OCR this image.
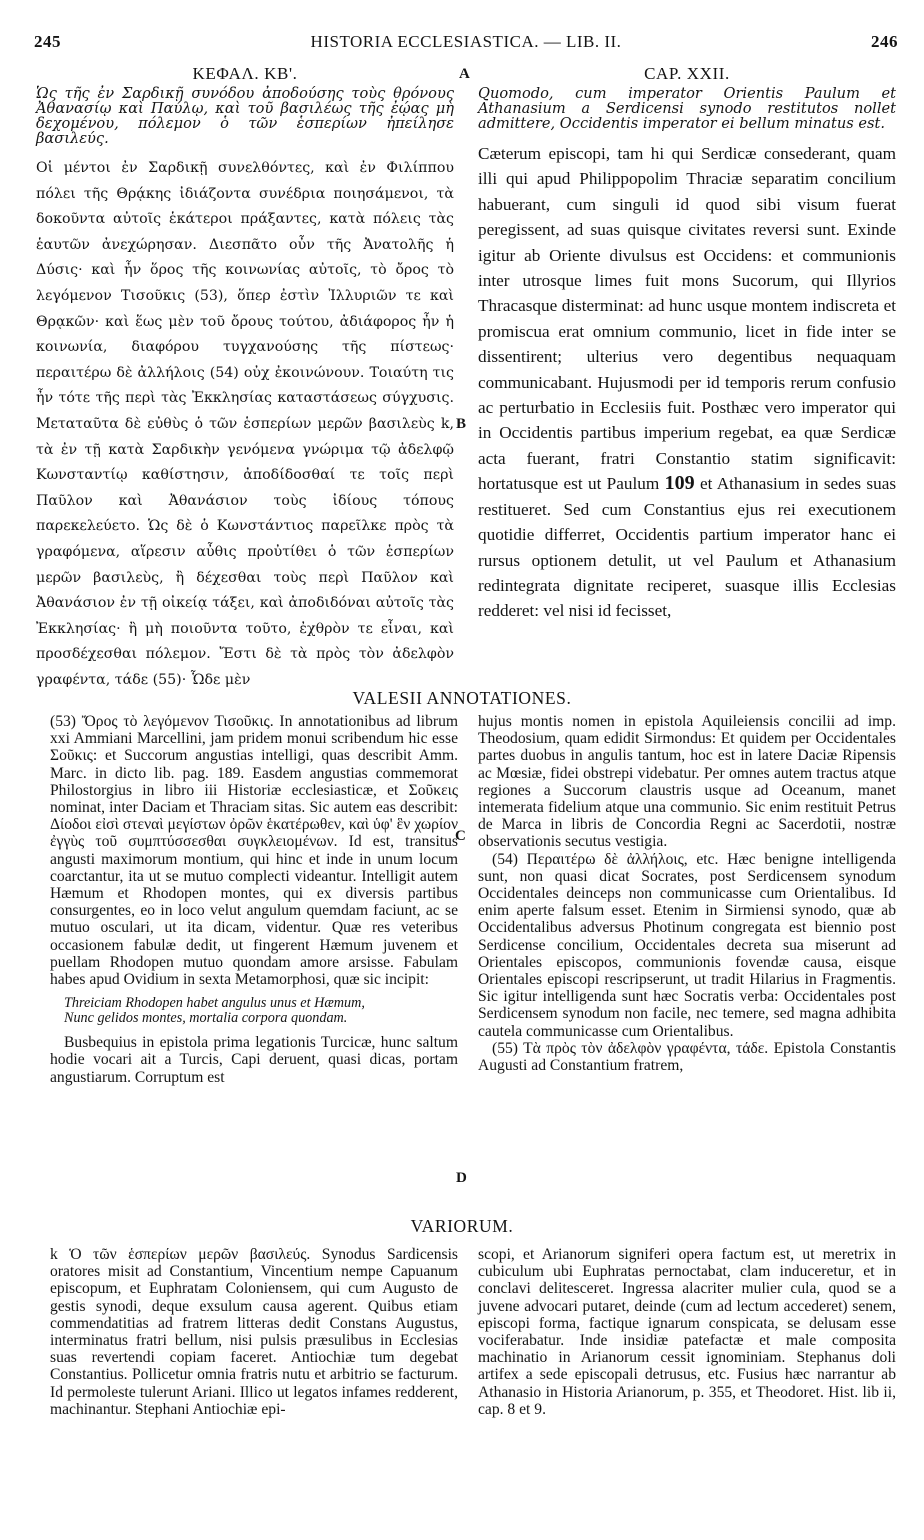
245	HISTORIA ECCLESIASTICA. — LIB. II.	246
ΚΕΦΑΛ. ΚΒ'.

Ὡς τῆς ἐν Σαρδικῇ συνόδου ἀποδούσης τοὺς θρόνους Ἀθανασίῳ καὶ Παύλῳ, καὶ τοῦ βασιλέως τῆς ἐῴας μὴ δεχομένου, πόλεμον ὁ τῶν ἑσπερίων ἠπείλησε βασιλεύς.

Οἱ μέντοι ἐν Σαρδικῇ συνελθόντες, καὶ ἐν Φιλίππου πόλει τῆς Θρᾴκης ἰδιάζοντα συνέδρια ποιησάμενοι, τὰ δοκοῦντα αὐτοῖς ἑκάτεροι πράξαντες, κατὰ πόλεις τὰς ἑαυτῶν ἀνεχώρησαν. Διεσπᾶτο οὖν τῆς Ἀνατολῆς ἡ Δύσις· καὶ ἦν ὅρος τῆς κοινωνίας αὐτοῖς, τὸ ὄρος τὸ λεγόμενον Τισοῦκις (53), ὅπερ ἐστὶν Ἰλλυριῶν τε καὶ Θρᾳκῶν· καὶ ἕως μὲν τοῦ ὄρους τούτου, ἀδιάφορος ἦν ἡ κοινωνία, διαφόρου τυγχανούσης τῆς πίστεως· περαιτέρω δὲ ἀλλήλοις (54) οὐχ ἐκοινώνουν. Τοιαύτη τις ἦν τότε τῆς περὶ τὰς Ἐκκλησίας καταστάσεως σύγχυσις. Μεταταῦτα δὲ εὐθὺς ὁ τῶν ἑσπερίων μερῶν βασιλεὺς k, τὰ ἐν τῇ κατὰ Σαρδικὴν γενόμενα γνώριμα τῷ ἀδελφῷ Κωνσταντίῳ καθίστησιν, ἀποδίδοσθαί τε τοῖς περὶ Παῦλον καὶ Ἀθανάσιον τοὺς ἰδίους τόπους παρεκελεύετο. Ὡς δὲ ὁ Κωνστάντιος παρεῖλκε πρὸς τὰ γραφόμενα, αἵρεσιν αὖθις προὐτίθει ὁ τῶν ἑσπερίων μερῶν βασιλεὺς, ἢ δέχεσθαι τοὺς περὶ Παῦλον καὶ Ἀθανάσιον ἐν τῇ οἰκείᾳ τάξει, καὶ ἀποδιδόναι αὐτοῖς τὰς Ἐκκλησίας· ἢ μὴ ποιοῦντα τοῦτο, ἐχθρὸν τε εἶναι, καὶ προσδέχεσθαι πόλεμον. Ἔστι δὲ τὰ πρὸς τὸν ἀδελφὸν γραφέντα, τάδε (55)· Ὧδε μὲν

A
B
C
D
CAP. XXII.

Quomodo, cum imperator Orientis Paulum et Athanasium a Serdicensi synodo restitutos nollet admittere, Occidentis imperator ei bellum minatus est.

Cæterum episcopi, tam hi qui Serdicæ consederant, quam illi qui apud Philippopolim Thraciæ separatim concilium habuerant, cum singuli id quod sibi visum fuerat peregissent, ad suas quisque civitates reversi sunt. Exinde igitur ab Oriente divulsus est Occidens: et communionis inter utrosque limes fuit mons Sucorum, qui Illyrios Thracasque disterminat: ad hunc usque montem indiscreta et promiscua erat omnium communio, licet in fide inter se dissentirent; ulterius vero degentibus nequaquam communicabant. Hujusmodi per id temporis rerum confusio ac perturbatio in Ecclesiis fuit. Posthæc vero imperator qui in Occidentis partibus imperium regebat, ea quæ Serdicæ acta fuerant, fratri Constantio statim significavit: hortatusque est ut Paulum 109 et Athanasium in sedes suas restitueret. Sed cum Constantius ejus rei executionem quotidie differret, Occidentis partium imperator hanc ei rursus optionem detulit, ut vel Paulum et Athanasium redintegrata dignitate reciperet, suasque illis Ecclesias redderet: vel nisi id fecisset,

VALESII ANNOTATIONES.

(53) Ὄρος τὸ λεγόμενον Τισοῦκις. In annotationibus ad librum xxi Ammiani Marcellini, jam pridem monui scribendum hic esse Σοῦκις: et Succorum angustias intelligi, quas describit Amm. Marc. in dicto lib. pag. 189. Easdem angustias commemorat Philostorgius in libro iii Historiæ ecclesiasticæ, et Σοῦκεις nominat, inter Daciam et Thraciam sitas. Sic autem eas describit: Δίοδοι εἰσὶ στεναὶ μεγίστων ὀρῶν ἑκατέρωθεν, καὶ ὑφ' ἓν χωρίον ἐγγὺς τοῦ συμπτύσσεσθαι συγκλειομένων. Id est, transitus angusti maximorum montium, qui hinc et inde in unum locum coarctantur, ita ut se mutuo complecti videantur. Intelligit autem Hæmum et Rhodopen montes, qui ex diversis partibus consurgentes, eo in loco velut angulum quemdam faciunt, ac se mutuo osculari, ut ita dicam, videntur. Quæ res veteribus occasionem fabulæ dedit, ut fingerent Hæmum juvenem et puellam Rhodopen mutuo quondam amore arsisse. Fabulam habes apud Ovidium in sexta Metamorphosi, quæ sic incipit:

Threiciam Rhodopen habet angulus unus et Hæmum,
Nunc gelidos montes, mortalia corpora quondam.

Busbequius in epistola prima legationis Turcicæ, hunc saltum hodie vocari ait a Turcis, Capi deruent, quasi dicas, portam angustiarum. Corruptum est

hujus montis nomen in epistola Aquileiensis concilii ad imp. Theodosium, quam edidit Sirmondus: Et quidem per Occidentales partes duobus in angulis tantum, hoc est in latere Daciæ Ripensis ac Mœsiæ, fidei obstrepi videbatur. Per omnes autem tractus atque regiones a Succorum claustris usque ad Oceanum, manet intemerata fidelium atque una communio. Sic enim restituit Petrus de Marca in libris de Concordia Regni ac Sacerdotii, nostræ observationis secutus vestigia.

(54) Περαιτέρω δὲ ἀλλήλοις, etc. Hæc benigne intelligenda sunt, non quasi dicat Socrates, post Serdicensem synodum Occidentales deinceps non communicasse cum Orientalibus. Id enim aperte falsum esset. Etenim in Sirmiensi synodo, quæ ab Occidentalibus adversus Photinum congregata est biennio post Serdicense concilium, Occidentales decreta sua miserunt ad Orientales episcopos, communionis fovendæ causa, eisque Orientales episcopi rescripserunt, ut tradit Hilarius in Fragmentis. Sic igitur intelligenda sunt hæc Socratis verba: Occidentales post Serdicensem synodum non facile, nec temere, sed magna adhibita cautela communicasse cum Orientalibus.

(55) Τὰ πρὸς τὸν ἀδελφὸν γραφέντα, τάδε. Epistola Constantis Augusti ad Constantium fratrem,

VARIORUM.

k Ὁ τῶν ἑσπερίων μερῶν βασιλεύς. Synodus Sardicensis oratores misit ad Constantium, Vincentium nempe Capuanum episcopum, et Euphratam Coloniensem, qui cum Augusto de gestis synodi, deque exsulum causa agerent. Quibus etiam commendatitias ad fratrem litteras dedit Constans Augustus, interminatus fratri bellum, nisi pulsis præsulibus in Ecclesias suas revertendi copiam faceret. Antiochiæ tum degebat Constantius. Pollicetur omnia fratris nutu et arbitrio se facturum. Id permoleste tulerunt Ariani. Illico ut legatos infames redderent, machinantur. Stephani Antiochiæ epi-

scopi, et Arianorum signiferi opera factum est, ut meretrix in cubiculum ubi Euphratas pernoctabat, clam induceretur, et in conclavi delitesceret. Ingressa alacriter mulier cula, quod se a juvene advocari putaret, deinde (cum ad lectum accederet) senem, episcopi forma, factique ignarum conspicata, se delusam esse vociferabatur. Inde insidiæ patefactæ et male composita machinatio in Arianorum cessit ignominiam. Stephanus doli artifex a sede episcopali detrusus, etc. Fusius hæc narrantur ab Athanasio in Historia Arianorum, p. 355, et Theodoret. Hist. lib ii, cap. 8 et 9.
